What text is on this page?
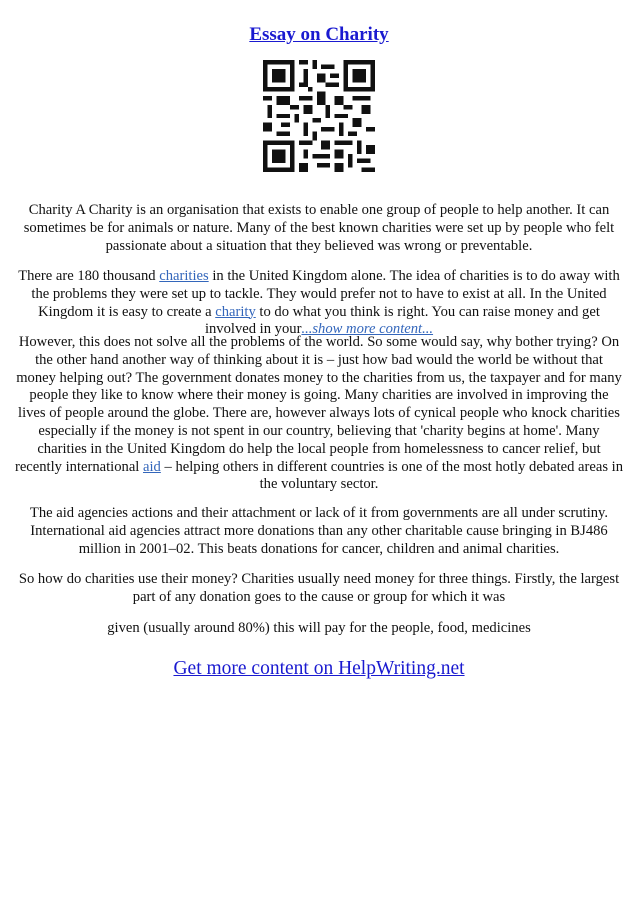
Essay on Charity

Charity A Charity is an organisation that exists to enable one group of people to help another. It can sometimes be for animals or nature. Many of the best known charities were set up by people who felt passionate about a situation that they believed was wrong or preventable.

There are 180 thousand charities in the United Kingdom alone. The idea of charities is to do away with the problems they were set up to tackle. They would prefer not to have to exist at all. In the United Kingdom it is easy to create a charity to do what you think is right. You can raise money and get involved in your...show more content...

However, this does not solve all the problems of the world. So some would say, why bother trying? On the other hand another way of thinking about it is – just how bad would the world be without that money helping out? The government donates money to the charities from us, the taxpayer and for many people they like to know where their money is going. Many charities are involved in improving the lives of people around the globe. There are, however always lots of cynical people who knock charities especially if the money is not spent in our country, believing that 'charity begins at home'. Many charities in the United Kingdom do help the local people from homelessness to cancer relief, but recently international aid – helping others in different countries is one of the most hotly debated areas in the voluntary sector.

The aid agencies actions and their attachment or lack of it from governments are all under scrutiny. International aid agencies attract more donations than any other charitable cause bringing in BJ486 million in 2001–02. This beats donations for cancer, children and animal charities.

So how do charities use their money? Charities usually need money for three things. Firstly, the largest part of any donation goes to the cause or group for which it was

given (usually around 80%) this will pay for the people, food, medicines

Get more content on HelpWriting.net
